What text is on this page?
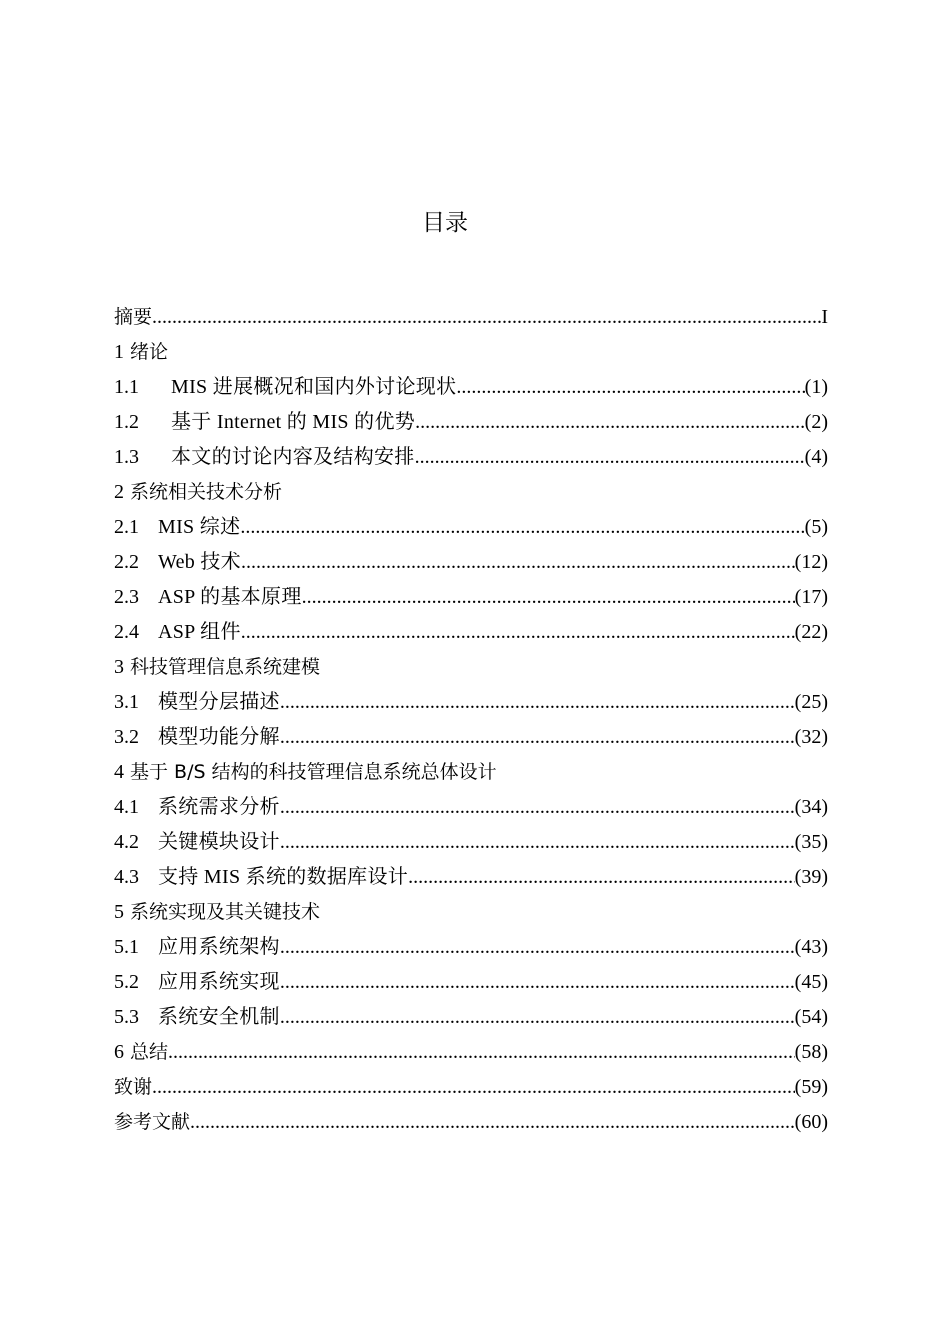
目录
摘要 .....	I
1 绪论
1.1	MIS 进展概况和国内外讨论现状 .....	(1)
1.2	基于 Internet 的 MIS 的优势 .....	(2)
1.3	本文的讨论内容及结构安排 .....	(4)
2 系统相关技术分析
2.1 MIS 综述 .....	(5)
2.2 Web 技术 .....	(12)
2.3 ASP 的基本原理 .....	(17)
2.4 ASP 组件 .....	(22)
3 科技管理信息系统建模
3.1 模型分层描述 .....	(25)
3.2 模型功能分解 .....	(32)
4 基于 B/S 结构的科技管理信息系统总体设计
4.1 系统需求分析 .....	(34)
4.2 关键模块设计 .....	(35)
4.3 支持 MIS 系统的数据库设计 .....	(39)
5 系统实现及其关键技术
5.1 应用系统架构 .....	(43)
5.2 应用系统实现 .....	(45)
5.3 系统安全机制 .....	(54)
6 总结 .....	(58)
致谢 .....	(59)
参考文献 .....	(60)
